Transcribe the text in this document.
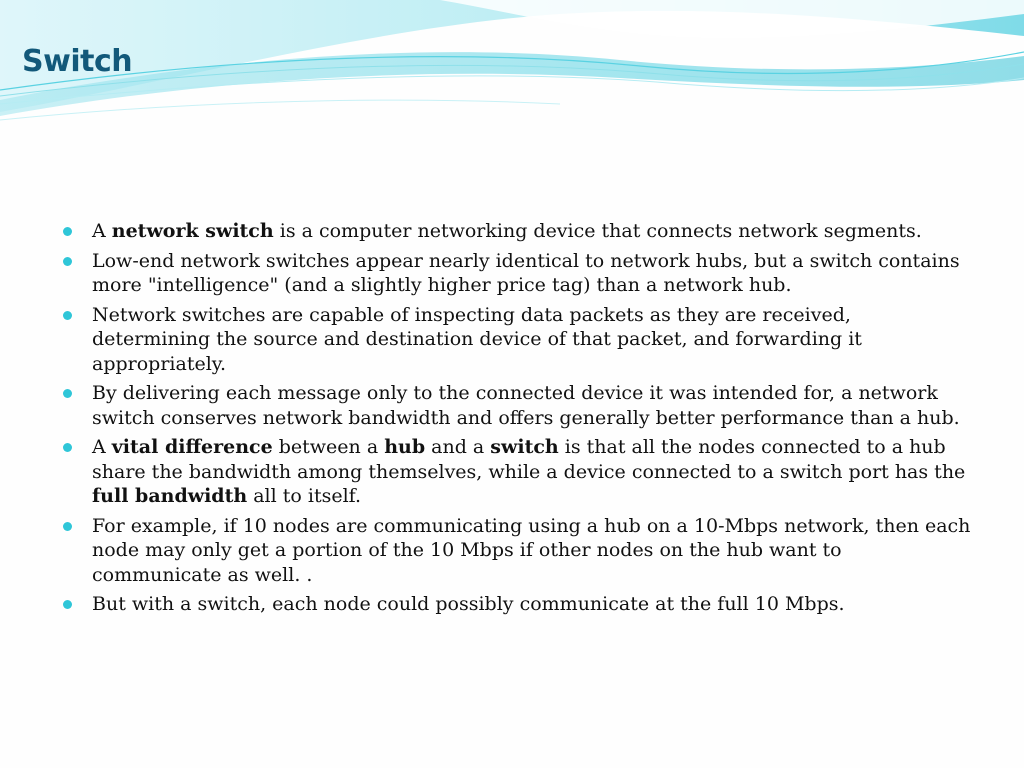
Switch
A network switch is a computer networking device that connects network segments.
Low-end network switches appear nearly identical to network hubs, but a switch contains more "intelligence" (and a slightly higher price tag) than a network hub.
Network switches are capable of inspecting data packets as they are received, determining the source and destination device of that packet, and forwarding it appropriately.
By delivering each message only to the connected device it was intended for, a network switch conserves network bandwidth and offers generally better performance than a hub.
A vital difference between a hub and a switch is that all the nodes connected to a hub share the bandwidth among themselves, while a device connected to a switch port has the full bandwidth all to itself.
For example, if 10 nodes are communicating using a hub on a 10-Mbps network, then each node may only get a portion of the 10 Mbps if other nodes on the hub want to communicate as well. .
But with a switch, each node could possibly communicate at the full 10 Mbps.
